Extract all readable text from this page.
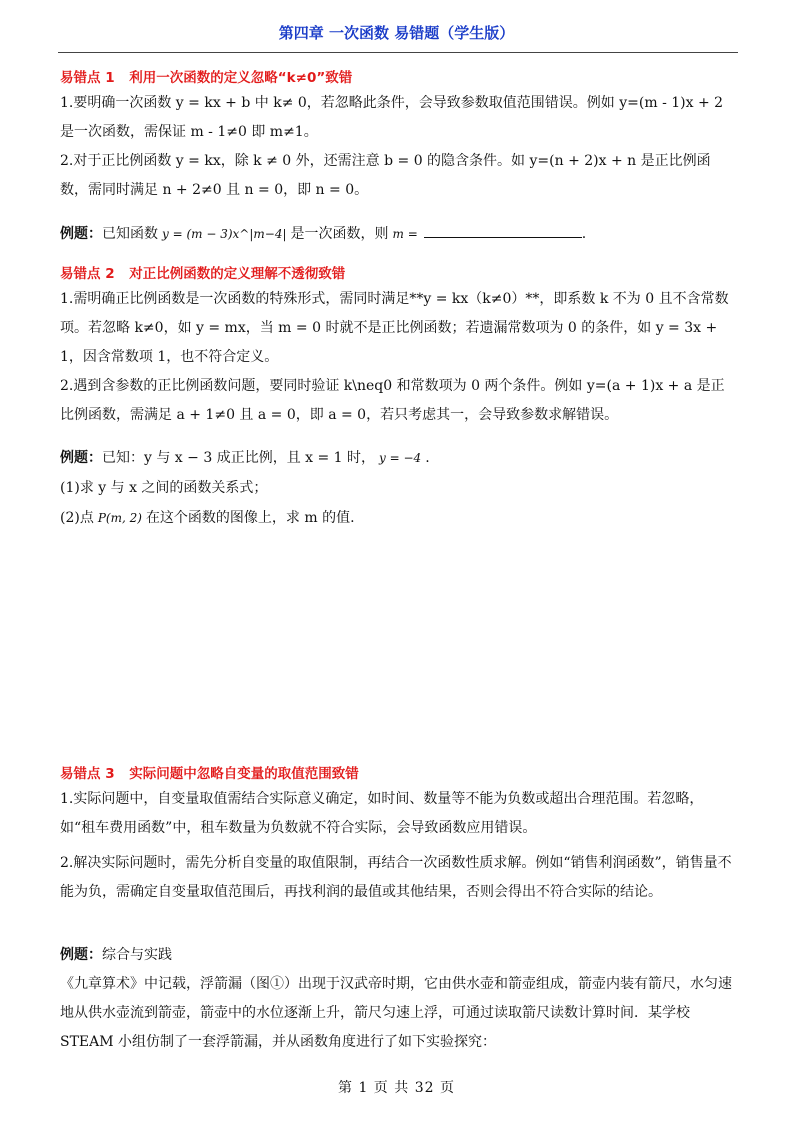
第四章 一次函数 易错题（学生版）
易错点 1 利用一次函数的定义忽略“k≠0”致错
1.要明确一次函数 y = kx + b 中 k≠ 0，若忽略此条件，会导致参数取值范围错误。例如 y=(m - 1)x + 2 是一次函数，需保证 m - 1≠0 即 m≠1。
2.对于正比例函数 y = kx，除 k ≠ 0 外，还需注意 b = 0 的隐含条件。如 y=(n + 2)x + n 是正比例函数，需同时满足 n + 2≠0 且 n = 0，即 n = 0。
例题：已知函数 y = (m − 3)x^|m−4| 是一次函数，则 m =	.
易错点 2 对正比例函数的定义理解不透彻致错
1.需明确正比例函数是一次函数的特殊形式，需同时满足**y = kx（k≠0）**，即系数 k 不为 0 且不含常数项。若忽略 k≠0，如 y = mx，当 m = 0 时就不是正比例函数；若遗漏常数项为 0 的条件，如 y = 3x + 1，因含常数项 1，也不符合定义。
2.遇到含参数的正比例函数问题，要同时验证 k\neq0 和常数项为 0 两个条件。例如 y=(a + 1)x + a 是正比例函数，需满足 a + 1≠0 且 a = 0，即 a = 0，若只考虑其一，会导致参数求解错误。
例题：已知：y 与 x − 3 成正比例，且 x = 1 时， y = −4 .
(1)求 y 与 x 之间的函数关系式；
(2)点 P(m, 2) 在这个函数的图像上，求 m 的值.
易错点 3 实际问题中忽略自变量的取值范围致错
1.实际问题中，自变量取值需结合实际意义确定，如时间、数量等不能为负数或超出合理范围。若忽略，如“租车费用函数”中，租车数量为负数就不符合实际，会导致函数应用错误。
2.解决实际问题时，需先分析自变量的取值限制，再结合一次函数性质求解。例如“销售利润函数”，销售量不能为负，需确定自变量取值范围后，再找利润的最值或其他结果，否则会得出不符合实际的结论。
例题：综合与实践
《九章算术》中记载，浮箭漏（图①）出现于汉武帝时期，它由供水壶和箭壶组成，箭壶内装有箭尺，水匀速地从供水壶流到箭壶，箭壶中的水位逐渐上升，箭尺匀速上浮，可通过读取箭尺读数计算时间．某学校 STEAM 小组仿制了一套浮箭漏，并从函数角度进行了如下实验探究：
第 1 页 共 32 页
